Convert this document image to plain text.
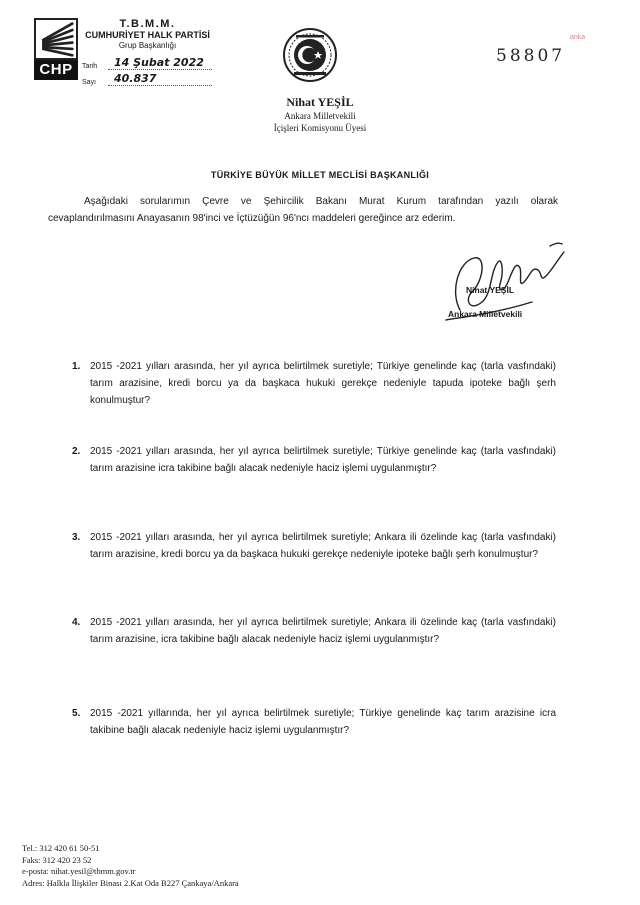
CHP
T.B.M.M.
CUMHURİYET HALK PARTİSİ
Grup Başkanlığı
Tarih	14 Şubat 2022
Sayı	40.837
58807
anka
Nihat YEŞİL
Ankara Milletvekili
İçişleri Komisyonu Üyesi
TÜRKİYE BÜYÜK MİLLET MECLİSİ BAŞKANLIĞI
Aşağıdaki sorularımın Çevre ve Şehircilik Bakanı Murat Kurum tarafından yazılı olarak
cevaplandırılmasını Anayasanın 98'inci ve İçtüzüğün 96'ncı maddeleri gereğince arz ederim.
Nihat YEŞİL
Ankara Milletvekili
1. 2015 -2021 yılları arasında, her yıl ayrıca belirtilmek suretiyle; Türkiye genelinde kaç (tarla vasfındaki) tarım arazisine, kredi borcu ya da başkaca hukuki gerekçe nedeniyle tapuda ipoteke bağlı şerh konulmuştur?
2. 2015 -2021 yılları arasında, her yıl ayrıca belirtilmek suretiyle; Türkiye genelinde kaç (tarla vasfındaki) tarım arazisine icra takibine bağlı alacak nedeniyle haciz işlemi uygulanmıştır?
3. 2015 -2021 yılları arasında, her yıl ayrıca belirtilmek suretiyle; Ankara ili özelinde kaç (tarla vasfındaki) tarım arazisine, kredi borcu ya da başkaca hukuki gerekçe nedeniyle ipoteke bağlı şerh konulmuştur?
4. 2015 -2021 yılları arasında, her yıl ayrıca belirtilmek suretiyle; Ankara ili özelinde kaç (tarla vasfındaki) tarım arazisine, icra takibine bağlı alacak nedeniyle haciz işlemi uygulanmıştır?
5. 2015 -2021 yıllarında, her yıl ayrıca belirtilmek suretiyle; Türkiye genelinde kaç tarım arazisine icra takibine bağlı alacak nedeniyle haciz işlemi uygulanmıştır?
Tel.: 312 420 61 50-51
Faks: 312 420 23 52
e-posta: nihat.yesil@tbmm.gov.tr
Adres: Halkla İlişkiler Binası 2.Kat Oda B227 Çankaya/Ankara
